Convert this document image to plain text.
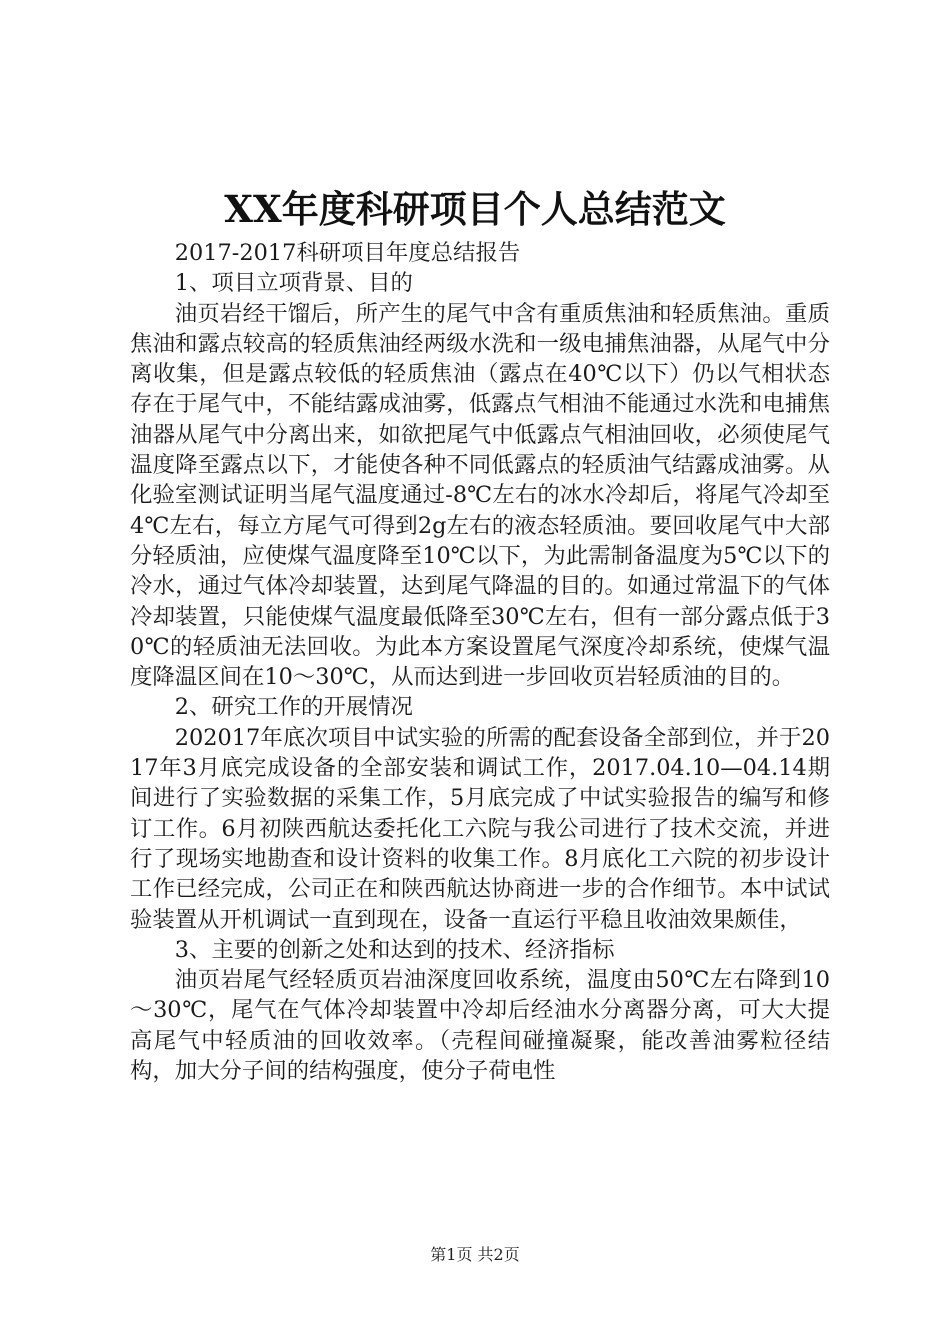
XX年度科研项目个人总结范文

2017-2017科研项目年度总结报告

1、项目立项背景、目的

油页岩经干馏后，所产生的尾气中含有重质焦油和轻质焦油。重质焦油和露点较高的轻质焦油经两级水洗和一级电捕焦油器，从尾气中分离收集，但是露点较低的轻质焦油（露点在40℃以下）仍以气相状态存在于尾气中，不能结露成油雾，低露点气相油不能通过水洗和电捕焦油器从尾气中分离出来，如欲把尾气中低露点气相油回收，必须使尾气温度降至露点以下，才能使各种不同低露点的轻质油气结露成油雾。从化验室测试证明当尾气温度通过-8℃左右的冰水冷却后，将尾气冷却至4℃左右，每立方尾气可得到2g左右的液态轻质油。要回收尾气中大部分轻质油，应使煤气温度降至10℃以下，为此需制备温度为5℃以下的冷水，通过气体冷却装置，达到尾气降温的目的。如通过常温下的气体冷却装置，只能使煤气温度最低降至30℃左右，但有一部分露点低于30℃的轻质油无法回收。为此本方案设置尾气深度冷却系统，使煤气温度降温区间在10～30℃，从而达到进一步回收页岩轻质油的目的。

2、研究工作的开展情况

202017年底次项目中试实验的所需的配套设备全部到位，并于2017年3月底完成设备的全部安装和调试工作，2017.04.10—04.14期间进行了实验数据的采集工作，5月底完成了中试实验报告的编写和修订工作。6月初陕西航达委托化工六院与我公司进行了技术交流，并进行了现场实地勘查和设计资料的收集工作。8月底化工六院的初步设计工作已经完成，公司正在和陕西航达协商进一步的合作细节。本中试试验装置从开机调试一直到现在，设备一直运行平稳且收油效果颇佳，

3、主要的创新之处和达到的技术、经济指标

油页岩尾气经轻质页岩油深度回收系统，温度由50℃左右降到10～30℃，尾气在气体冷却装置中冷却后经油水分离器分离，可大大提高尾气中轻质油的回收效率。（壳程间碰撞凝聚，能改善油雾粒径结构，加大分子间的结构强度，使分子荷电性

第1页 共2页
